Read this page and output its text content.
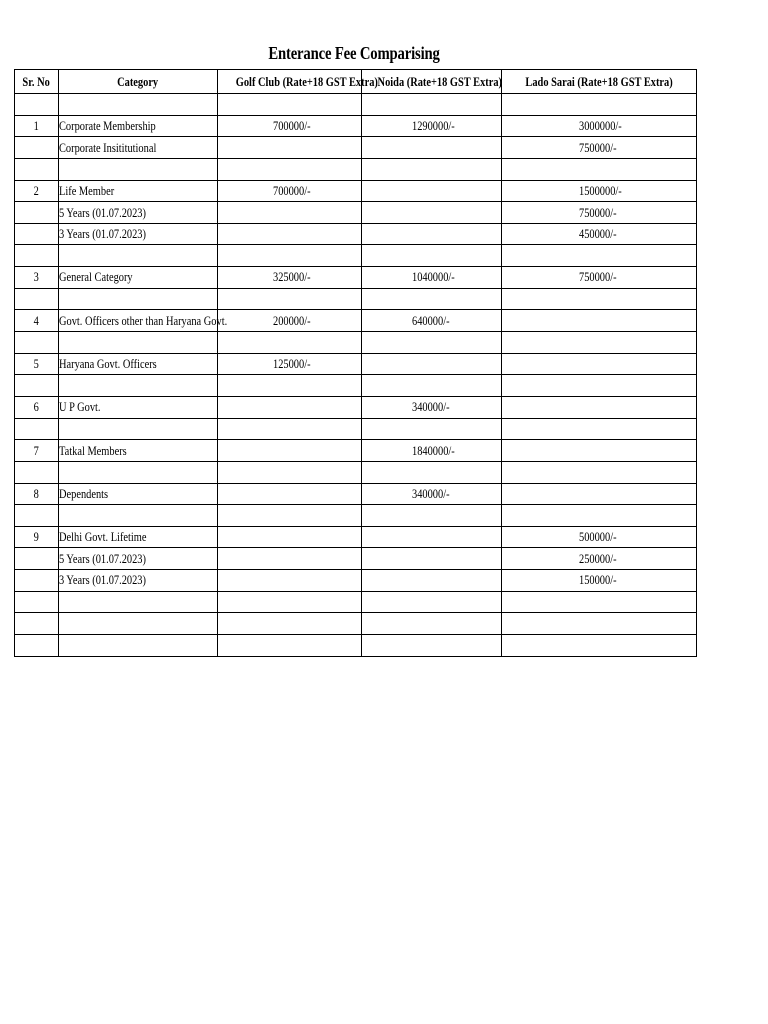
Enterance Fee Comparising
Sr. No	Category	Golf Club (Rate+18 GST Extra)	Noida (Rate+18 GST Extra)	Lado Sarai (Rate+18 GST Extra)

1	Corporate Membership	700000/-	1290000/-	3000000/-
	Corporate Insititutional			750000/-

2	Life Member	700000/-		1500000/-
	5 Years (01.07.2023)			750000/-
	3 Years (01.07.2023)			450000/-

3	General Category	325000/-	1040000/-	750000/-

4	Govt. Officers other than Haryana Govt.	200000/-	640000/-	

5	Haryana Govt. Officers	125000/-		

6	U P Govt.		340000/-	

7	Tatkal Members		1840000/-	

8	Dependents		340000/-	

9	Delhi Govt. Lifetime			500000/-
	5 Years (01.07.2023)			250000/-
	3 Years (01.07.2023)			150000/-
